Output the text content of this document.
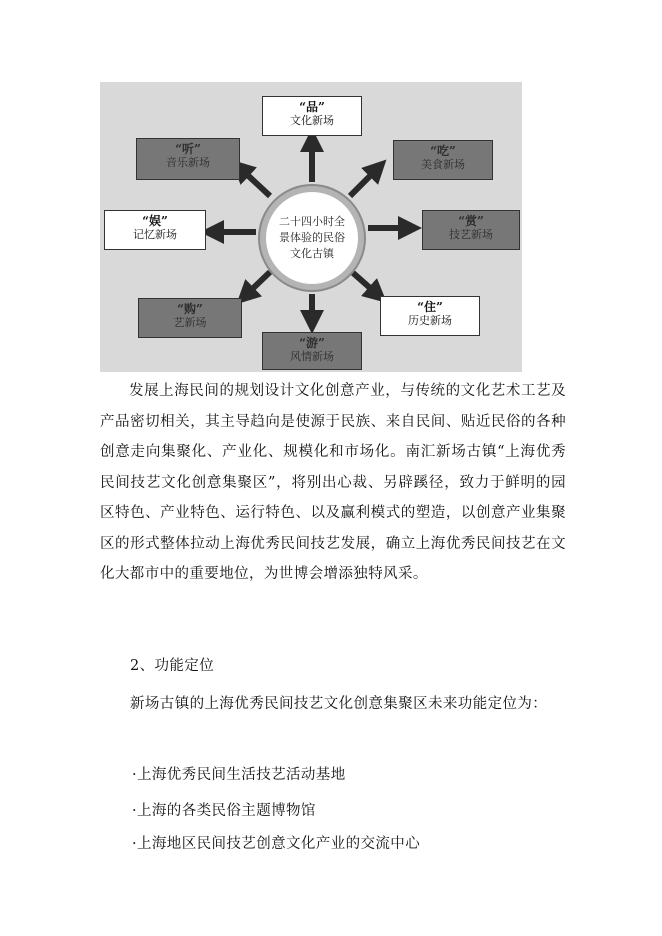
“品”
文化新场
“吃”
美食新场
“赏”
技艺新场
“住”
历史新场
“游”
风情新场
“购”
艺新场
“娱”
记忆新场
“听”
音乐新场
二十四小时全景体验的民俗文化古镇
发展上海民间的规划设计文化创意产业，与传统的文化艺术工艺及产品密切相关，其主导趋向是使源于民族、来自民间、贴近民俗的各种创意走向集聚化、产业化、规模化和市场化。南汇新场古镇“上海优秀民间技艺文化创意集聚区”，将别出心裁、另辟蹊径，致力于鲜明的园区特色、产业特色、运行特色、以及赢利模式的塑造，以创意产业集聚区的形式整体拉动上海优秀民间技艺发展，确立上海优秀民间技艺在文化大都市中的重要地位，为世博会增添独特风采。
2、功能定位
新场古镇的上海优秀民间技艺文化创意集聚区未来功能定位为：
·上海优秀民间生活技艺活动基地
·上海的各类民俗主题博物馆
·上海地区民间技艺创意文化产业的交流中心
